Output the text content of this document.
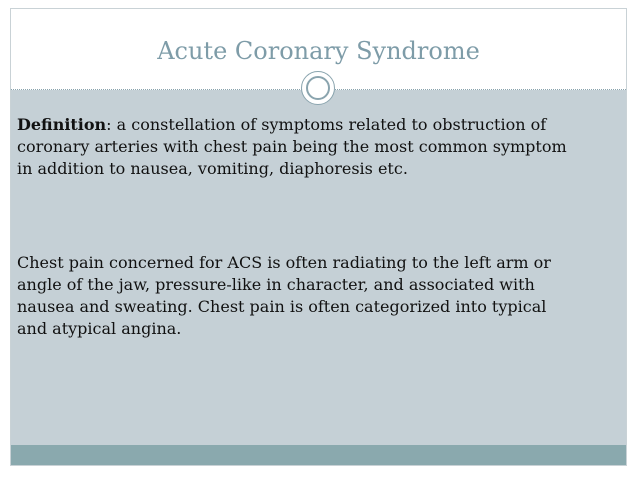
Acute Coronary Syndrome
Definition: a constellation of symptoms related to obstruction of coronary arteries with chest pain being the most common symptom in addition to nausea, vomiting, diaphoresis etc.
Chest pain concerned for ACS is often radiating to the left arm or angle of the jaw, pressure-like in character, and associated with nausea and sweating. Chest pain is often categorized into typical and atypical angina.
